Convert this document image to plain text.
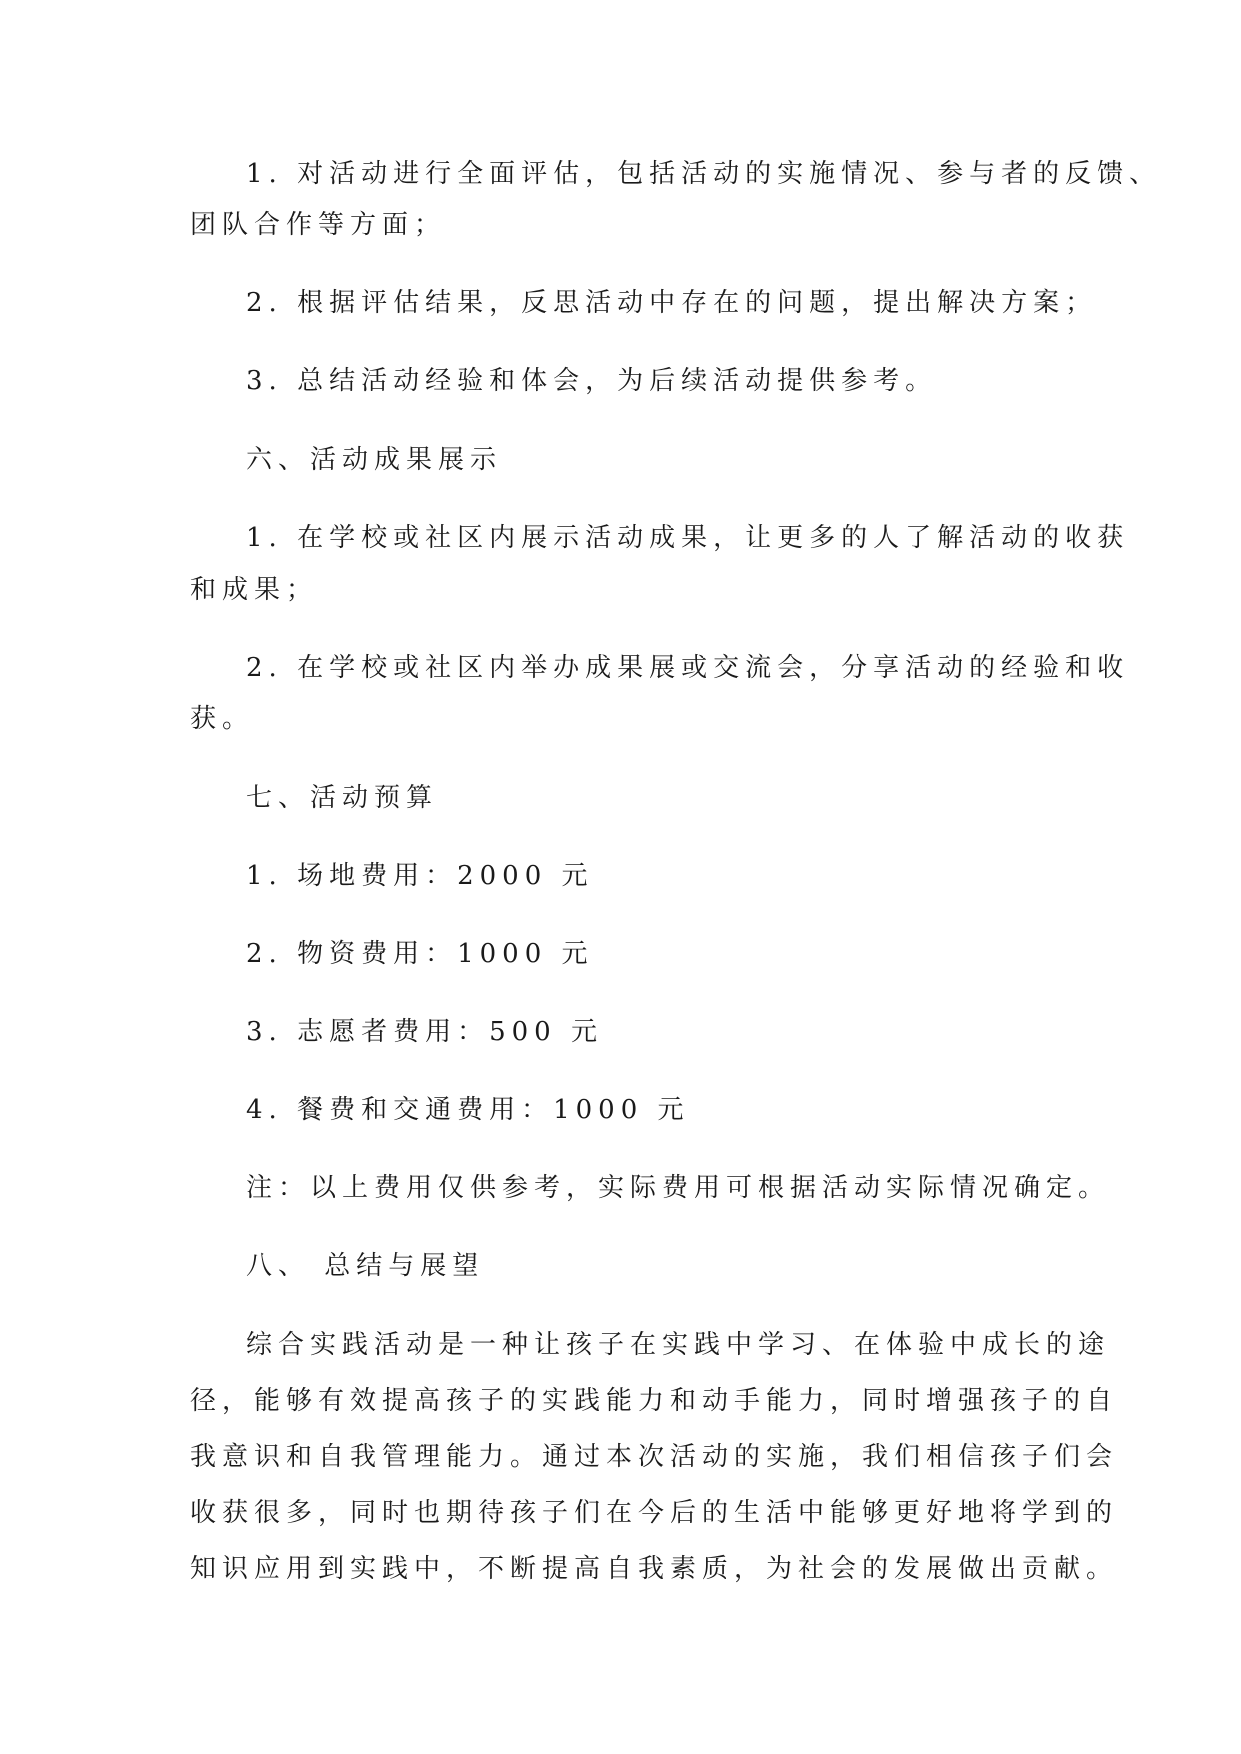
1. 对活动进行全面评估，包括活动的实施情况、参与者的反馈、
团队合作等方面；
2. 根据评估结果，反思活动中存在的问题，提出解决方案；
3. 总结活动经验和体会，为后续活动提供参考。
六、活动成果展示
1. 在学校或社区内展示活动成果，让更多的人了解活动的收获
和成果；
2. 在学校或社区内举办成果展或交流会，分享活动的经验和收
获。
七、活动预算
1. 场地费用：2000 元
2. 物资费用：1000 元
3. 志愿者费用：500 元
4. 餐费和交通费用：1000 元
注：以上费用仅供参考，实际费用可根据活动实际情况确定。
八、 总结与展望
综合实践活动是一种让孩子在实践中学习、在体验中成长的途
径，能够有效提高孩子的实践能力和动手能力，同时增强孩子的自
我意识和自我管理能力。通过本次活动的实施，我们相信孩子们会
收获很多，同时也期待孩子们在今后的生活中能够更好地将学到的
知识应用到实践中，不断提高自我素质，为社会的发展做出贡献。
